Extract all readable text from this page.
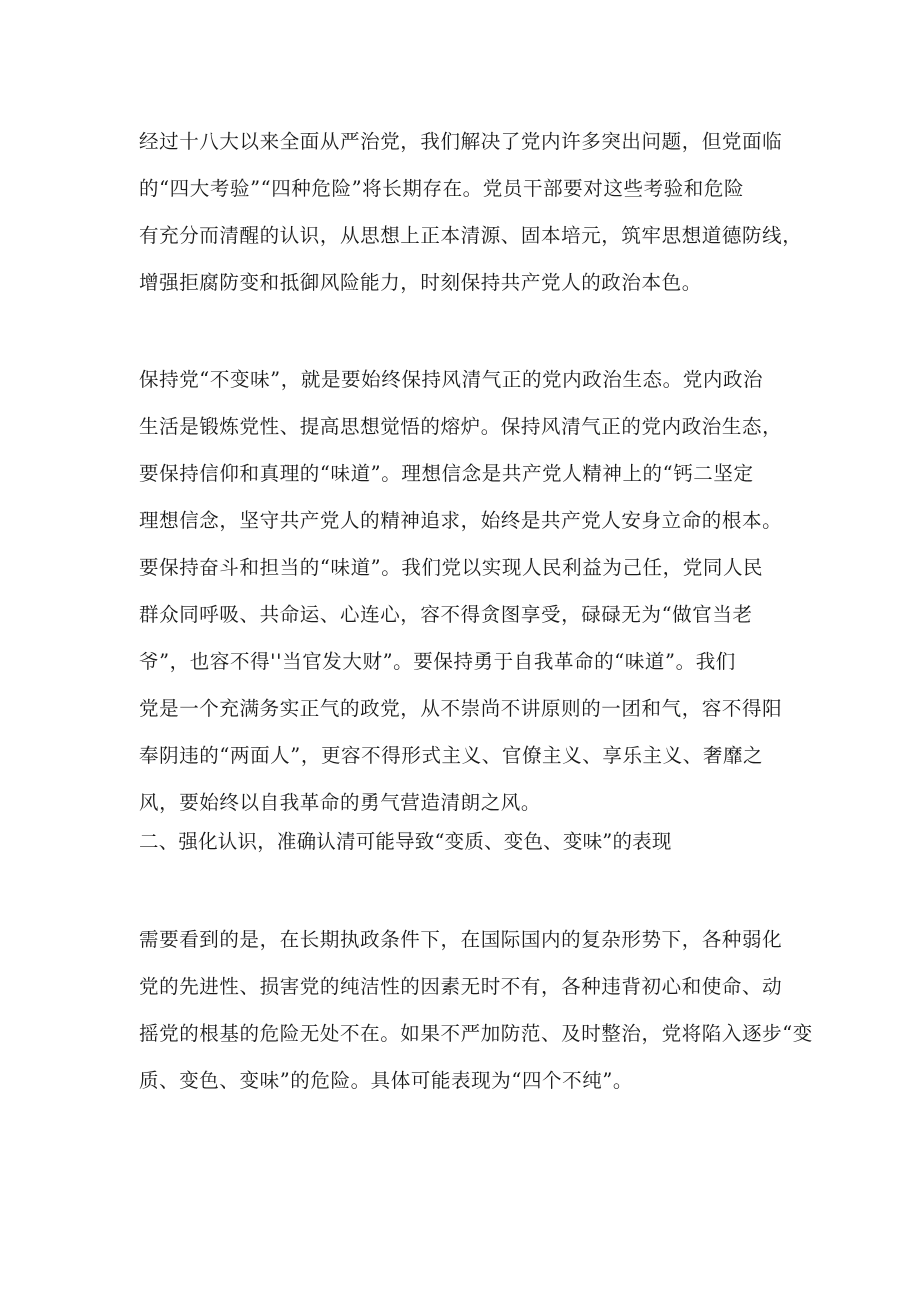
经过十八大以来全面从严治党，我们解决了党内许多突出问题，但党面临
的“四大考验”“四种危险”将长期存在。党员干部要对这些考验和危险
有充分而清醒的认识，从思想上正本清源、固本培元，筑牢思想道德防线，
增强拒腐防变和抵御风险能力，时刻保持共产党人的政治本色。
保持党“不变味”，就是要始终保持风清气正的党内政治生态。党内政治
生活是锻炼党性、提高思想觉悟的熔炉。保持风清气正的党内政治生态，
要保持信仰和真理的“味道”。理想信念是共产党人精神上的“钙二坚定
理想信念，坚守共产党人的精神追求，始终是共产党人安身立命的根本。
要保持奋斗和担当的“味道”。我们党以实现人民利益为己任，党同人民
群众同呼吸、共命运、心连心，容不得贪图享受，碌碌无为“做官当老
爷”，也容不得''当官发大财”。要保持勇于自我革命的“味道”。我们
党是一个充满务实正气的政党，从不崇尚不讲原则的一团和气，容不得阳
奉阴违的“两面人”，更容不得形式主义、官僚主义、享乐主义、奢靡之
风，要始终以自我革命的勇气营造清朗之风。
二、强化认识，准确认清可能导致“变质、变色、变味”的表现
需要看到的是，在长期执政条件下，在国际国内的复杂形势下，各种弱化
党的先进性、损害党的纯洁性的因素无时不有，各种违背初心和使命、动
摇党的根基的危险无处不在。如果不严加防范、及时整治，党将陷入逐步“变
质、变色、变味”的危险。具体可能表现为“四个不纯”。
